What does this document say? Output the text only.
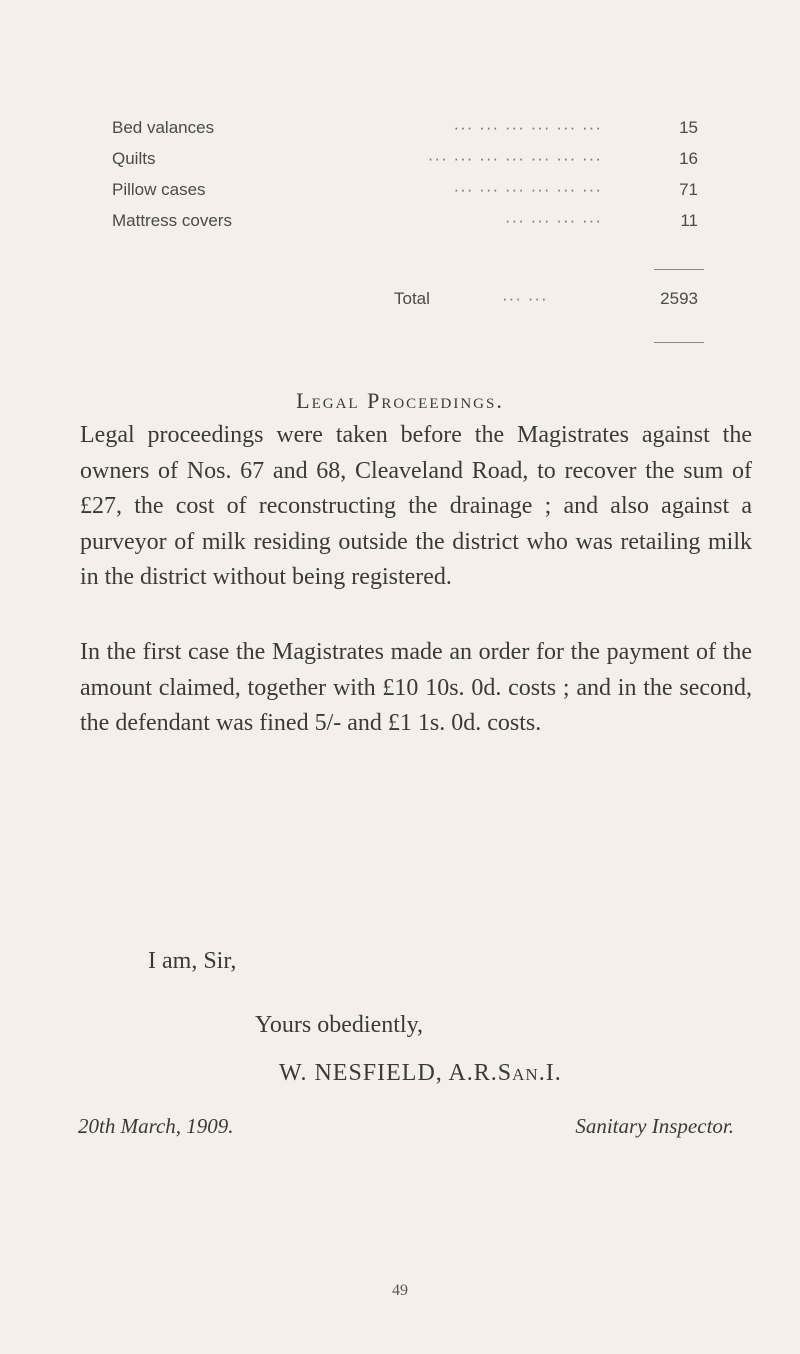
Bed valances	··· ··· ··· ··· ··· ···	15
Quilts	··· ··· ··· ··· ··· ··· ···	16
Pillow cases	··· ··· ··· ··· ··· ···	71
Mattress covers	··· ··· ··· ···	11
Total	··· ···	2593
Legal Proceedings.

Legal proceedings were taken before the Magistrates against the owners of Nos. 67 and 68, Cleaveland Road, to recover the sum of £27, the cost of reconstructing the drainage ; and also against a purveyor of milk residing outside the district who was retailing milk in the district without being registered.

In the first case the Magistrates made an order for the payment of the amount claimed, together with £10 10s. 0d. costs ; and in the second, the defendant was fined 5/- and £1 1s. 0d. costs.

I am, Sir,
Yours obediently,
W. NESFIELD, A.R.San.I.
20th March, 1909.	Sanitary Inspector.
49
